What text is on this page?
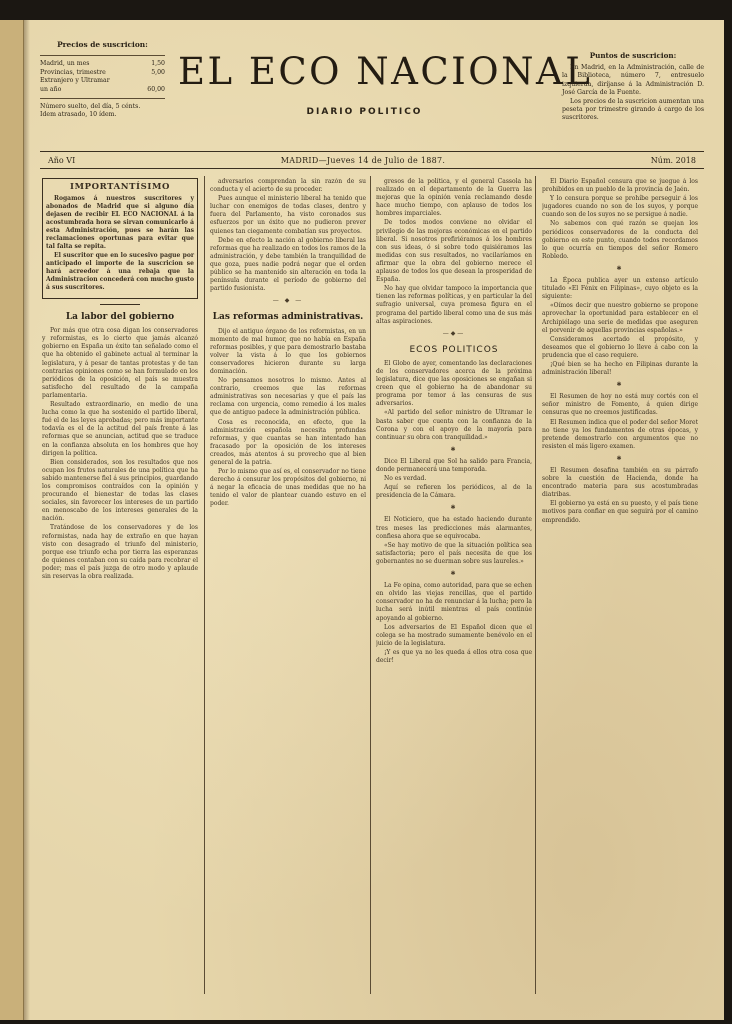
Precios de suscricion:
Madrid, un mes	1,50
Provincias, trimestre	5,00
Extranjero y Ultramar
un año	60,00
Número suelto, del día, 5 cénts.
Idem atrasado, 10 ídem.
EL ECO NACIONAL
DIARIO POLITICO
Puntos de suscricion:

En Madrid, en la Administración, calle de la Biblioteca, número 7, entresuelo izquierda, diríjanse á la Administración D. José García de la Fuente.

Los precios de la suscricion aumentan una peseta por trimestre girando á cargo de los suscritores.

Año VI	MADRID—Jueves 14 de Julio de 1887.	Núm. 2018
IMPORTANTÍSIMO

Rogamos á nuestros suscritores y abonados de Madrid que si alguno día dejasen de recibir EL ECO NACIONAL á la acostumbrada hora se sirvan comunicarlo á esta Administración, pues se harán las reclamaciones oportunas para evitar que tal falta se repita.

El suscritor que en lo sucesivo pague por anticipado el importe de la suscricion se hará acreedor á una rebaja que la Administracion concederá con mucho gusto á sus suscritores.

La labor del gobierno

Por más que otra cosa digan los conservadores y reformistas, es lo cierto que jamás alcanzó gobierno en España un éxito tan señalado como el que ha obtenido el gabinete actual al terminar la legislatura, y á pesar de tantas protestas y de tan contrarias opiniones como se han formulado en los periódicos de la oposición, el país se muestra satisfecho del resultado de la campaña parlamentaria.

Resultado extraordinario, en medio de una lucha como la que ha sostenido el partido liberal, fué el de las leyes aprobadas; pero más importante todavía es el de la actitud del país frente á las reformas que se anuncian, actitud que se traduce en la confianza absoluta en los hombres que hoy dirigen la política.

Bien considerados, son los resultados que nos ocupan los frutos naturales de una política que ha sabido mantenerse fiel á sus principios, guardando los compromisos contraídos con la opinión y procurando el bienestar de todas las clases sociales, sin favorecer los intereses de un partido en menoscabo de los intereses generales de la nación.

Tratándose de los conservadores y de los reformistas, nada hay de extraño en que hayan visto con desagrado el triunfo del ministerio, porque ese triunfo echa por tierra las esperanzas de quienes contaban con su caída para recobrar el poder; mas el país juzga de otro modo y aplaude sin reservas la obra realizada.

adversarios comprendan la sin razón de su conducta y el acierto de su proceder.

Pues aunque el ministerio liberal ha tenido que luchar con enemigos de todas clases, dentro y fuera del Parlamento, ha visto coronados sus esfuerzos por un éxito que no pudieron prever quienes tan ciegamente combatían sus proyectos.

Debe en efecto la nación al gobierno liberal las reformas que ha realizado en todos los ramos de la administración, y debe también la tranquilidad de que goza, pues nadie podrá negar que el orden público se ha mantenido sin alteración en toda la península durante el período de gobierno del partido fusionista.

— ◆ —
Las reformas administrativas.

Dijo el antiguo órgano de los reformistas, en un momento de mal humor, que no había en España reformas posibles, y que para demostrarlo bastaba volver la vista á lo que los gobiernos conservadores hicieron durante su larga dominación.

No pensamos nosotros lo mismo. Antes al contrario, creemos que las reformas administrativas son necesarias y que el país las reclama con urgencia, como remedio á los males que de antiguo padece la administración pública.

Cosa es reconocida, en efecto, que la administración española necesita profundas reformas, y que cuantas se han intentado han fracasado por la oposición de los intereses creados, más atentos á su provecho que al bien general de la patria.

Por lo mismo que así es, el conservador no tiene derecho á censurar los propósitos del gobierno, ni á negar la eficacia de unas medidas que no ha tenido el valor de plantear cuando estuvo en el poder.

gresos de la política, y el general Cassola ha realizado en el departamento de la Guerra las mejoras que la opinión venía reclamando desde hace mucho tiempo, con aplauso de todos los hombres imparciales.

De todos modos conviene no olvidar el privilegio de las mejoras económicas en el partido liberal. Si nosotros prefiriéramos á los hombres con sus ideas, ó si sobre todo quisiéramos las medidas con sus resultados, no vacilaríamos en afirmar que la obra del gobierno merece el aplauso de todos los que desean la prosperidad de España.

No hay que olvidar tampoco la importancia que tienen las reformas políticas, y en particular la del sufragio universal, cuya promesa figura en el programa del partido liberal como una de sus más altas aspiraciones.

—◆—
ECOS POLITICOS

El Globo de ayer, comentando las declaraciones de los conservadores acerca de la próxima legislatura, dice que las oposiciones se engañan si creen que el gobierno ha de abandonar su programa por temor á las censuras de sus adversarios.

«Al partido del señor ministro de Ultramar le basta saber que cuenta con la confianza de la Corona y con el apoyo de la mayoría para continuar su obra con tranquilidad.»

✱

Dice El Liberal que Sol ha salido para Francia, donde permanecerá una temporada.

No es verdad.

Aquí se refieren los periódicos, al de la presidencia de la Cámara.

✱

El Noticiero, que ha estado haciendo durante tres meses las predicciones más alarmantes, confiesa ahora que se equivocaba.

«Se hay motivo de que la situación política sea satisfactoria; pero el país necesita de que los gobernantes no se duerman sobre sus laureles.»

✱

La Fe opina, como autoridad, para que se echen en olvido las viejas rencillas, que el partido conservador no ha de renunciar á la lucha; pero la lucha será inútil mientras el país continúe apoyando al gobierno.

Los adversarios de El Español dicen que el colega se ha mostrado sumamente benévolo en el juicio de la legislatura.

¡Y es que ya no les queda á ellos otra cosa que decir!

El Diario Español censura que se juegue á los prohibidos en un pueblo de la provincia de Jaén.

Y lo censura porque se prohíbe perseguir á los jugadores cuando no son de los suyos, y porque cuando son de los suyos no se persigue á nadie.

No sabemos con qué razón se quejan los periódicos conservadores de la conducta del gobierno en este punto, cuando todos recordamos lo que ocurría en tiempos del señor Romero Robledo.

✱

La Época publica ayer un extenso artículo titulado «El Fénix en Filipinas», cuyo objeto es la siguiente:

«Oímos decir que nuestro gobierno se propone aprovechar la oportunidad para establecer en el Archipiélago una serie de medidas que aseguren el porvenir de aquellas provincias españolas.»

Consideramos acertado el propósito, y deseamos que el gobierno lo lleve á cabo con la prudencia que el caso requiere.

¡Qué bien se ha hecho en Filipinas durante la administración liberal!

✱

El Resumen de hoy no está muy cortés con el señor ministro de Fomento, á quien dirige censuras que no creemos justificadas.

El Resumen indica que el poder del señor Moret no tiene ya los fundamentos de otras épocas, y pretende demostrarlo con argumentos que no resisten el más ligero examen.

✱

El Resumen desafina también en su párrafo sobre la cuestión de Hacienda, donde ha encontrado materia para sus acostumbradas diatribas.

El gobierno ya está en su puesto, y el país tiene motivos para confiar en que seguirá por el camino emprendido.
